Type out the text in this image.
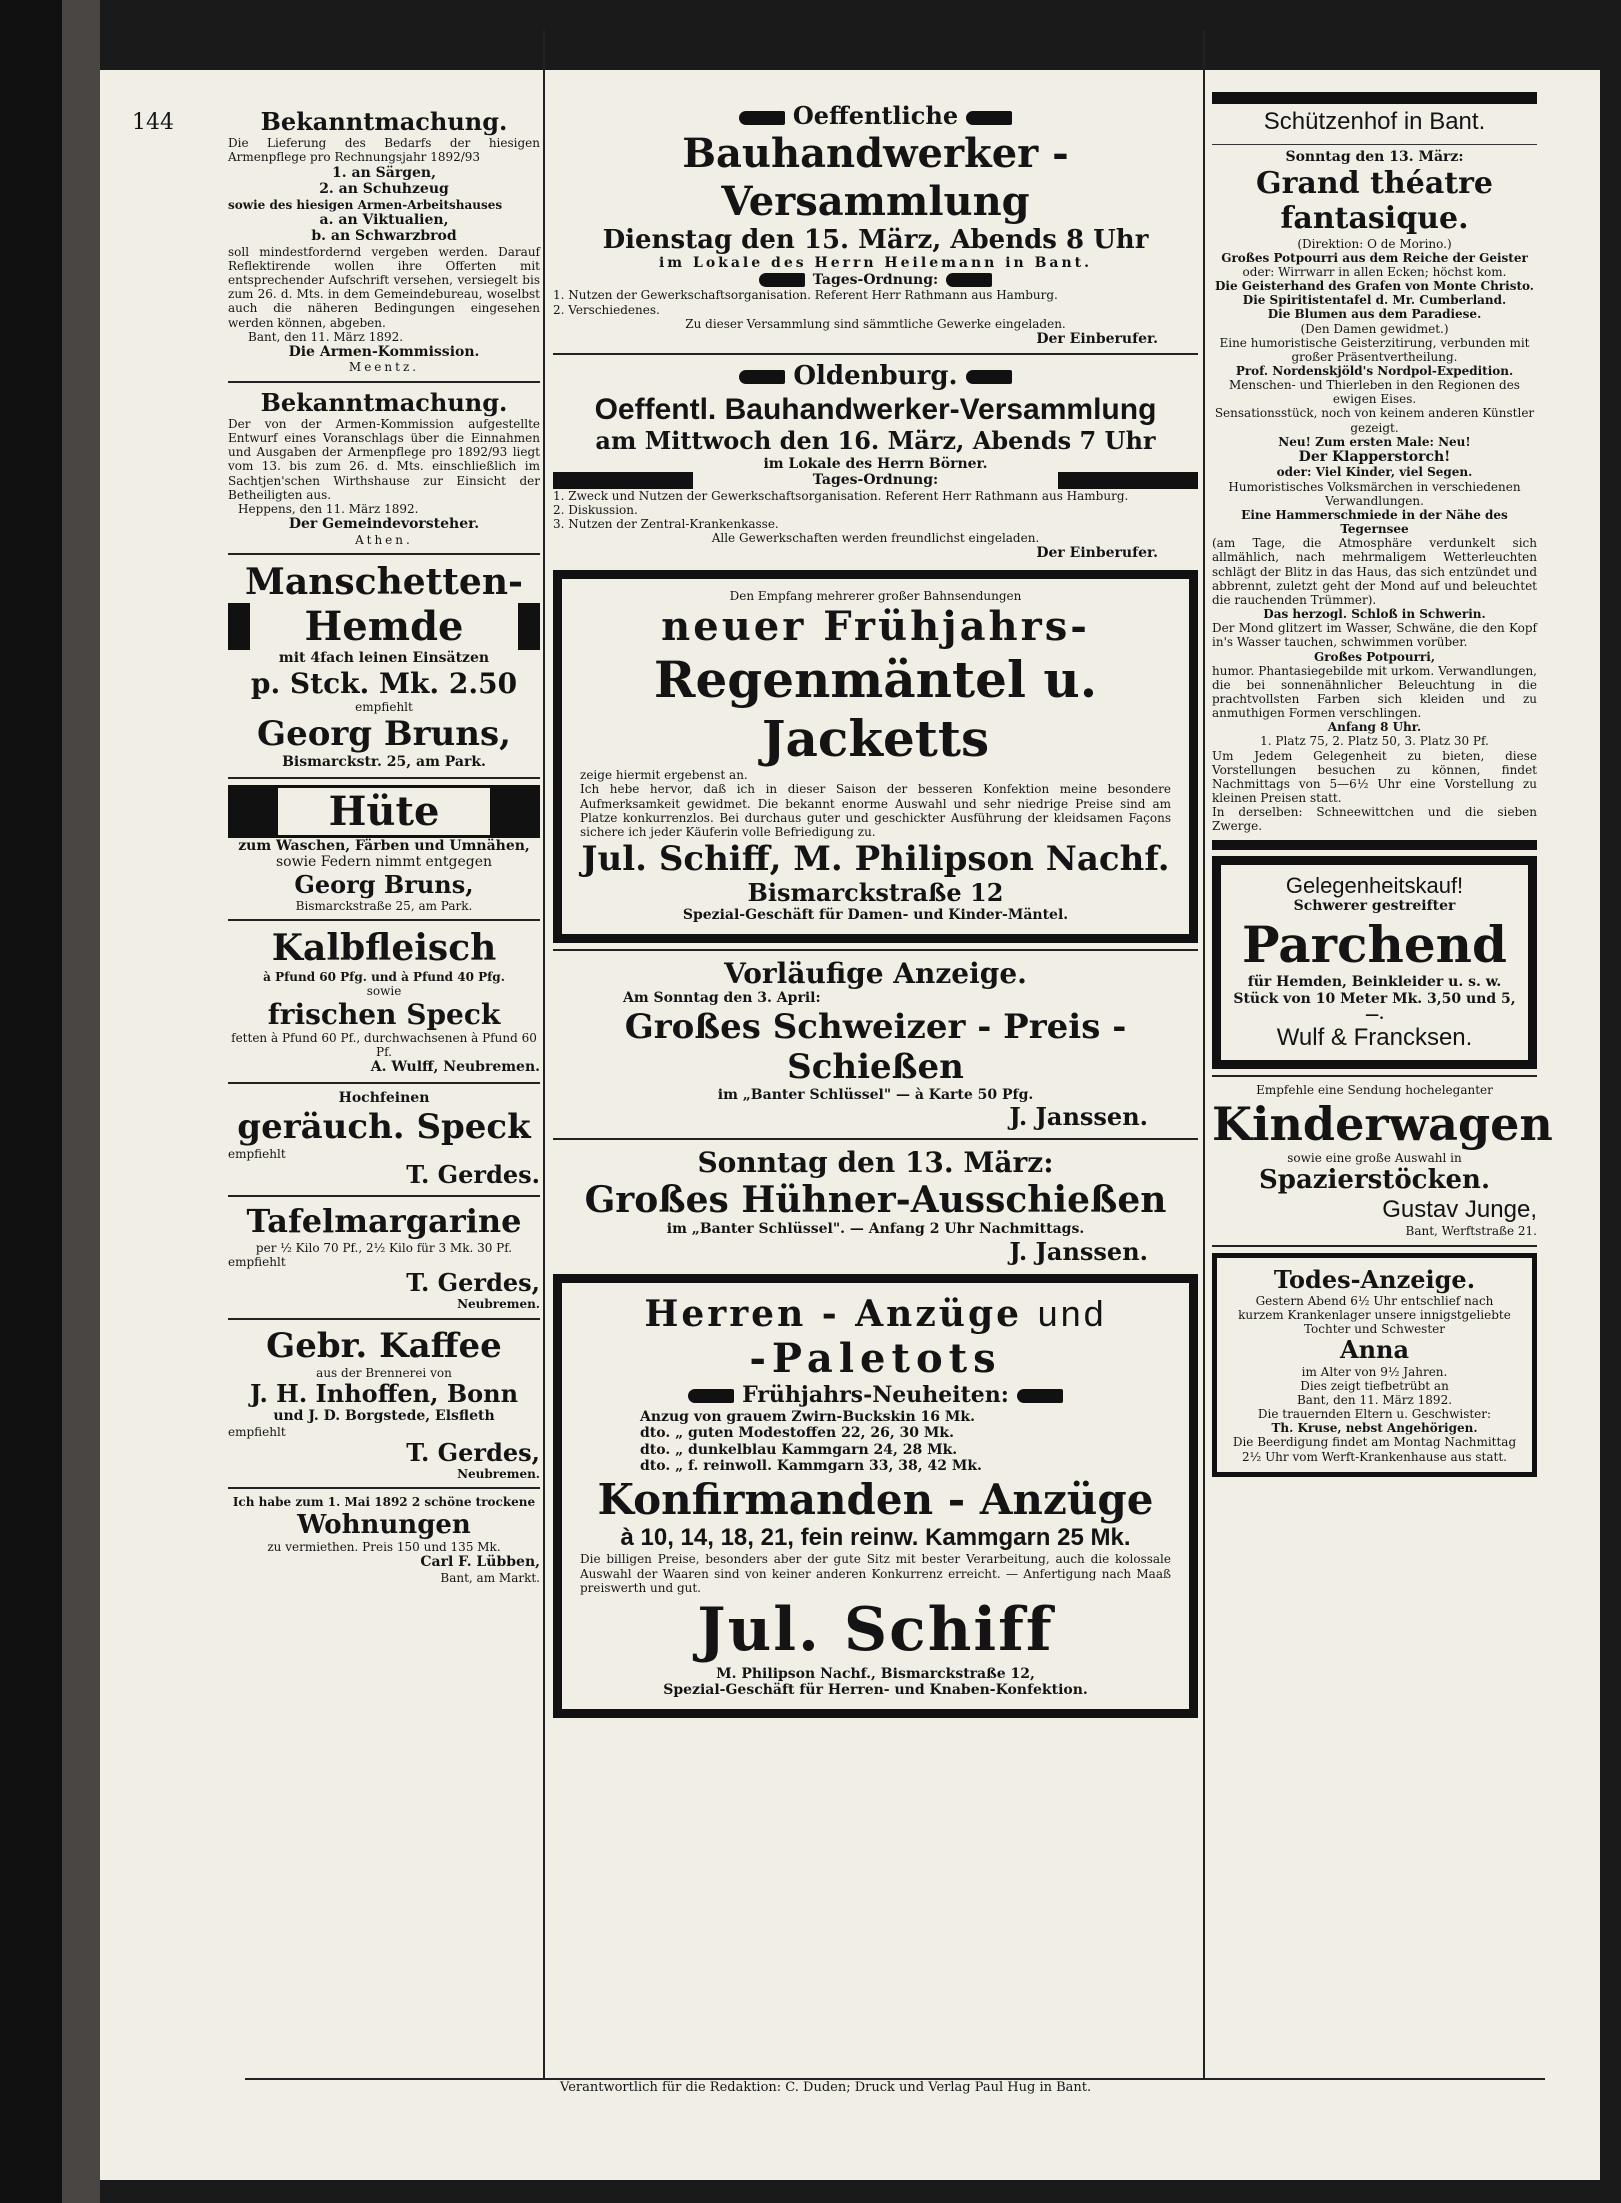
144	Bekanntmachung.

Die Lieferung des Bedarfs der hiesigen Armenpflege pro Rechnungsjahr 1892/93

1. an Särgen,

2. an Schuhzeug

sowie des hiesigen Armen-Arbeitshauses

a. an Viktualien,

b. an Schwarzbrod

soll mindestfordernd vergeben werden. Darauf Reflektirende wollen ihre Offerten mit entsprechender Aufschrift versehen, versiegelt bis zum 26. d. Mts. in dem Gemeindebureau, woselbst auch die näheren Bedingungen eingesehen werden können, abgeben.

Bant, den 11. März 1892.

Die Armen-Kommission.

Meentz.

Bekanntmachung.

Der von der Armen-Kommission aufgestellte Entwurf eines Voranschlags über die Einnahmen und Ausgaben der Armenpflege pro 1892/93 liegt vom 13. bis zum 26. d. Mts. einschließlich im Sachtjen'schen Wirthshause zur Einsicht der Betheiligten aus.

Heppens, den 11. März 1892.

Der Gemeindevorsteher.

Athen.

Manschetten-

Hemde

mit 4fach leinen Einsätzen

p. Stck. Mk. 2.50

empfiehlt

Georg Bruns,

Bismarckstr. 25, am Park.

Hüte

zum Waschen, Färben und Umnähen,

sowie Federn nimmt entgegen

Georg Bruns,

Bismarckstraße 25, am Park.

Kalbfleisch

à Pfund 60 Pfg. und à Pfund 40 Pfg.

sowie

frischen Speck

fetten à Pfund 60 Pf., durchwachsenen à Pfund 60 Pf.

A. Wulff, Neubremen.

Hochfeinen

geräuch. Speck

empfiehlt

T. Gerdes.

Tafelmargarine

per ½ Kilo 70 Pf., 2½ Kilo für 3 Mk. 30 Pf.

empfiehlt

T. Gerdes,

Neubremen.

Gebr. Kaffee

aus der Brennerei von

J. H. Inhoffen, Bonn

und J. D. Borgstede, Elsfleth

empfiehlt

T. Gerdes,

Neubremen.

Ich habe zum 1. Mai 1892 2 schöne trockene

Wohnungen

zu vermiethen. Preis 150 und 135 Mk.

Carl F. Lübben,

Bant, am Markt.

Oeffentliche

Bauhandwerker - Versammlung

Dienstag den 15. März, Abends 8 Uhr

im Lokale des Herrn Heilemann in Bant.

Tages-Ordnung:

1. Nutzen der Gewerkschaftsorganisation. Referent Herr Rathmann aus Hamburg.

2. Verschiedenes.

Zu dieser Versammlung sind sämmtliche Gewerke eingeladen.

Der Einberufer.

Oldenburg.

Oeffentl. Bauhandwerker-Versammlung

am Mittwoch den 16. März, Abends 7 Uhr

im Lokale des Herrn Börner.

Tages-Ordnung:

1. Zweck und Nutzen der Gewerkschaftsorganisation. Referent Herr Rathmann aus Hamburg.

2. Diskussion.

3. Nutzen der Zentral-Krankenkasse.

Alle Gewerkschaften werden freundlichst eingeladen.

Der Einberufer.

Den Empfang mehrerer großer Bahnsendungen

neuer Frühjahrs-

Regenmäntel u. Jacketts

zeige hiermit ergebenst an.

Ich hebe hervor, daß ich in dieser Saison der besseren Konfektion meine besondere Aufmerksamkeit gewidmet. Die bekannt enorme Auswahl und sehr niedrige Preise sind am Platze konkurrenzlos. Bei durchaus guter und geschickter Ausführung der kleidsamen Façons sichere ich jeder Käuferin volle Befriedigung zu.

Jul. Schiff, M. Philipson Nachf.

Bismarckstraße 12

Spezial-Geschäft für Damen- und Kinder-Mäntel.

Vorläufige Anzeige.

Am Sonntag den 3. April:

Großes Schweizer - Preis - Schießen

im „Banter Schlüssel" — à Karte 50 Pfg.

J. Janssen.

Sonntag den 13. März:

Großes Hühner-Ausschießen

im „Banter Schlüssel". — Anfang 2 Uhr Nachmittags.

J. Janssen.

Herren - Anzüge und

-Paletots

Frühjahrs-Neuheiten:

Anzug von grauem Zwirn-Buckskin 16 Mk.

dto. „ guten Modestoffen 22, 26, 30 Mk.

dto. „ dunkelblau Kammgarn 24, 28 Mk.

dto. „ f. reinwoll. Kammgarn 33, 38, 42 Mk.

Konfirmanden - Anzüge

à 10, 14, 18, 21, fein reinw. Kammgarn 25 Mk.

Die billigen Preise, besonders aber der gute Sitz mit bester Verarbeitung, auch die kolossale Auswahl der Waaren sind von keiner anderen Konkurrenz erreicht. — Anfertigung nach Maaß preiswerth und gut.

Jul. Schiff

M. Philipson Nachf., Bismarckstraße 12,

Spezial-Geschäft für Herren- und Knaben-Konfektion.

Schützenhof in Bant.

Sonntag den 13. März:

Grand théatre

fantasique.

(Direktion: O de Morino.)

Großes Potpourri aus dem Reiche der Geister

oder: Wirrwarr in allen Ecken; höchst kom.

Die Geisterhand des Grafen von Monte Christo.

Die Spiritistentafel d. Mr. Cumberland.

Die Blumen aus dem Paradiese.

(Den Damen gewidmet.)

Eine humoristische Geisterzitirung, verbunden mit großer Präsentvertheilung.

Prof. Nordenskjöld's Nordpol-Expedition.

Menschen- und Thierleben in den Regionen des ewigen Eises.

Sensationsstück, noch von keinem anderen Künstler gezeigt.

Neu! Zum ersten Male: Neu!

Der Klapperstorch!

oder: Viel Kinder, viel Segen.

Humoristisches Volksmärchen in verschiedenen Verwandlungen.

Eine Hammerschmiede in der Nähe des Tegernsee

(am Tage, die Atmosphäre verdunkelt sich allmählich, nach mehrmaligem Wetterleuchten schlägt der Blitz in das Haus, das sich entzündet und abbrennt, zuletzt geht der Mond auf und beleuchtet die rauchenden Trümmer).

Das herzogl. Schloß in Schwerin.

Der Mond glitzert im Wasser, Schwäne, die den Kopf in's Wasser tauchen, schwimmen vorüber.

Großes Potpourri,

humor. Phantasiegebilde mit urkom. Verwandlungen, die bei sonnenähnlicher Beleuchtung in die prachtvollsten Farben sich kleiden und zu anmuthigen Formen verschlingen.

Anfang 8 Uhr.

1. Platz 75, 2. Platz 50, 3. Platz 30 Pf.

Um Jedem Gelegenheit zu bieten, diese Vorstellungen besuchen zu können, findet Nachmittags von 5—6½ Uhr eine Vorstellung zu kleinen Preisen statt.

In derselben: Schneewittchen und die sieben Zwerge.

Gelegenheitskauf!

Schwerer gestreifter

Parchend

für Hemden, Beinkleider u. s. w.

Stück von 10 Meter Mk. 3,50 und 5,—.

Wulf & Francksen.

Empfehle eine Sendung hocheleganter

Kinderwagen

sowie eine große Auswahl in

Spazierstöcken.

Gustav Junge,

Bant, Werftstraße 21.

Todes-Anzeige.

Gestern Abend 6½ Uhr entschlief nach kurzem Krankenlager unsere innigstgeliebte Tochter und Schwester

Anna

im Alter von 9½ Jahren.

Dies zeigt tiefbetrübt an

Bant, den 11. März 1892.

Die trauernden Eltern u. Geschwister:

Th. Kruse, nebst Angehörigen.

Die Beerdigung findet am Montag Nachmittag 2½ Uhr vom Werft-Krankenhause aus statt.

Verantwortlich für die Redaktion: C. Duden; Druck und Verlag Paul Hug in Bant.
